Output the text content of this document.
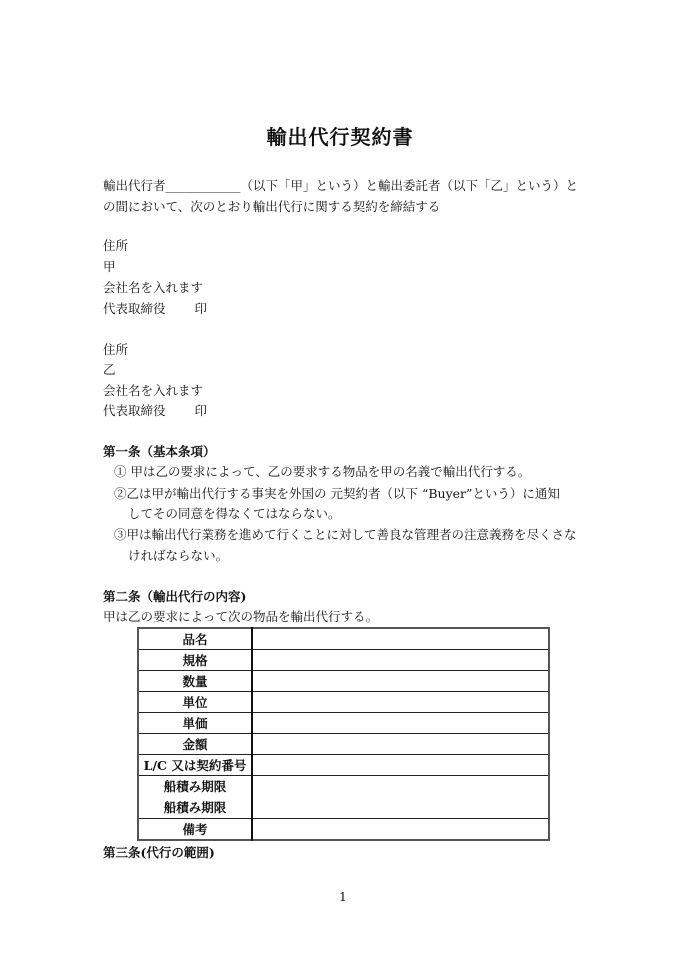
輸出代行契約書
輸出代行者____________（以下「甲」という）と輸出委託者（以下「乙」という）と
の間において、次のとおり輸出代行に関する契約を締結する
住所
甲
会社名を入れます
代表取締役　　 印
住所
乙
会社名を入れます
代表取締役　　 印
第一条（基本条項）
① 甲は乙の要求によって、乙の要求する物品を甲の名義で輸出代行する。
②乙は甲が輸出代行する事実を外国の 元契約者（以下 “Buyer”という）に通知
してその同意を得なくてはならない。
③甲は輸出代行業務を進めて行くことに対して善良な管理者の注意義務を尽くさな
ければならない。
第二条（輸出代行の内容)
甲は乙の要求によって次の物品を輸出代行する。
品名	
規格	
数量	
単位	
単価	
金額	
L/C 又は契約番号	

船積み期限
船積み期限	

備考	
第三条(代行の範囲)
1
